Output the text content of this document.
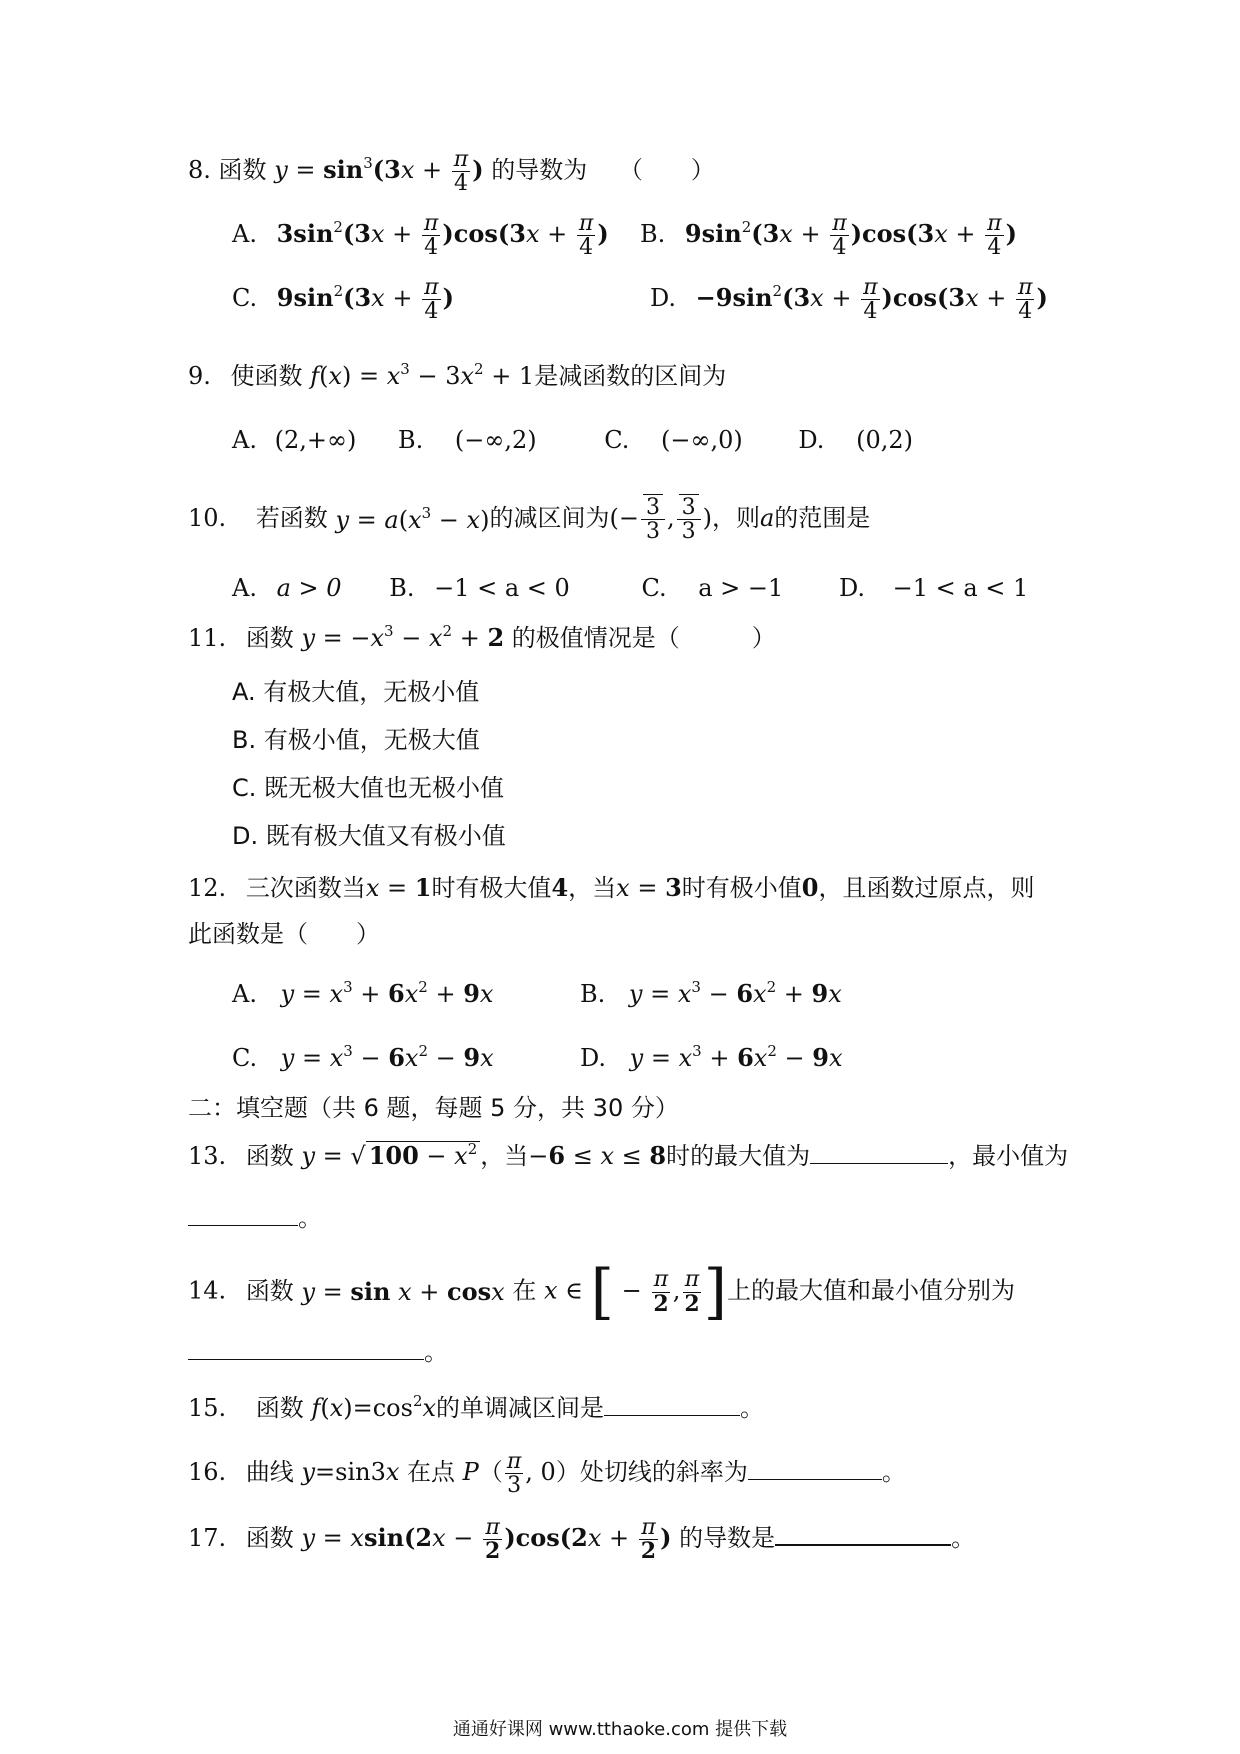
8. 函数 $y = \sin^3(3x + \frac{\pi}{4}$ ) 的导数为 （　　）
A. $3\sin^2(3x + \frac{\pi}{4} )\cos(3x + \frac{\pi}{4}$ ) B. $9\sin^2(3x + \frac{\pi}{4} )\cos(3x + \frac{\pi}{4}$ )
C. $9\sin^2(3x + \frac{\pi}{4}$ )	D. $-9\sin^2(3x + \frac{\pi}{4} )\cos(3x + \frac{\pi}{4}$ )
9. 使函数 $f(x) = x^3 - 3x^2 + 1$是减函数的区间为
A. (2,+∞) B. (−∞,2)	C. (−∞,0) D. (0,2)
10. 若函数 $y = a(x^3 - x)$的减区间为(− $\frac{3}{3}$ , $\frac{3}{3}$ )，则a的范围是
A. a > 0 B. −1 < a < 0	C. a > −1 D. −1 < a < 1
11. 函数 $y = -x^3 - x^2 + 2$ 的极值情况是（　　　）
A. 有极大值，无极小值
B. 有极小值，无极大值
C. 既无极大值也无极小值
D. 既有极大值又有极小值
12. 三次函数当x = 1时有极大值4，当x = 3时有极小值0，且函数过原点，则
此函数是（　　）
A. $y = x^3 + 6x^2 + 9x$	B. $y = x^3 - 6x^2 + 9x$
C. $y = x^3 - 6x^2 - 9x$	D. $y = x^3 + 6x^2 - 9x$
二：填空题（共 6 题，每题 5 分，共 30 分）
13. 函数 y = √ $100 - x^2$ ，当−6 ≤ x ≤ 8时的最大值为	，最小值为
。
14. 函数 y = sin x + cosx 在 x ∈ [ − $\frac{\pi}{2}$ , $\frac{\pi}{2}$ ]上的最大值和最小值分别为
。
15. 函数 $f(x)=\cos^2x$的单调减区间是	。
16. 曲线 y=sin3x 在点 $P( \frac{\pi}{3}$ , 0）处切线的斜率为	。
17. 函数 $y = xsin(2x - \frac{\pi}{2} )\cos(2x + \frac{\pi}{2}$ ) 的导数是	。
通通好课网 www.tthaoke.com 提供下载
